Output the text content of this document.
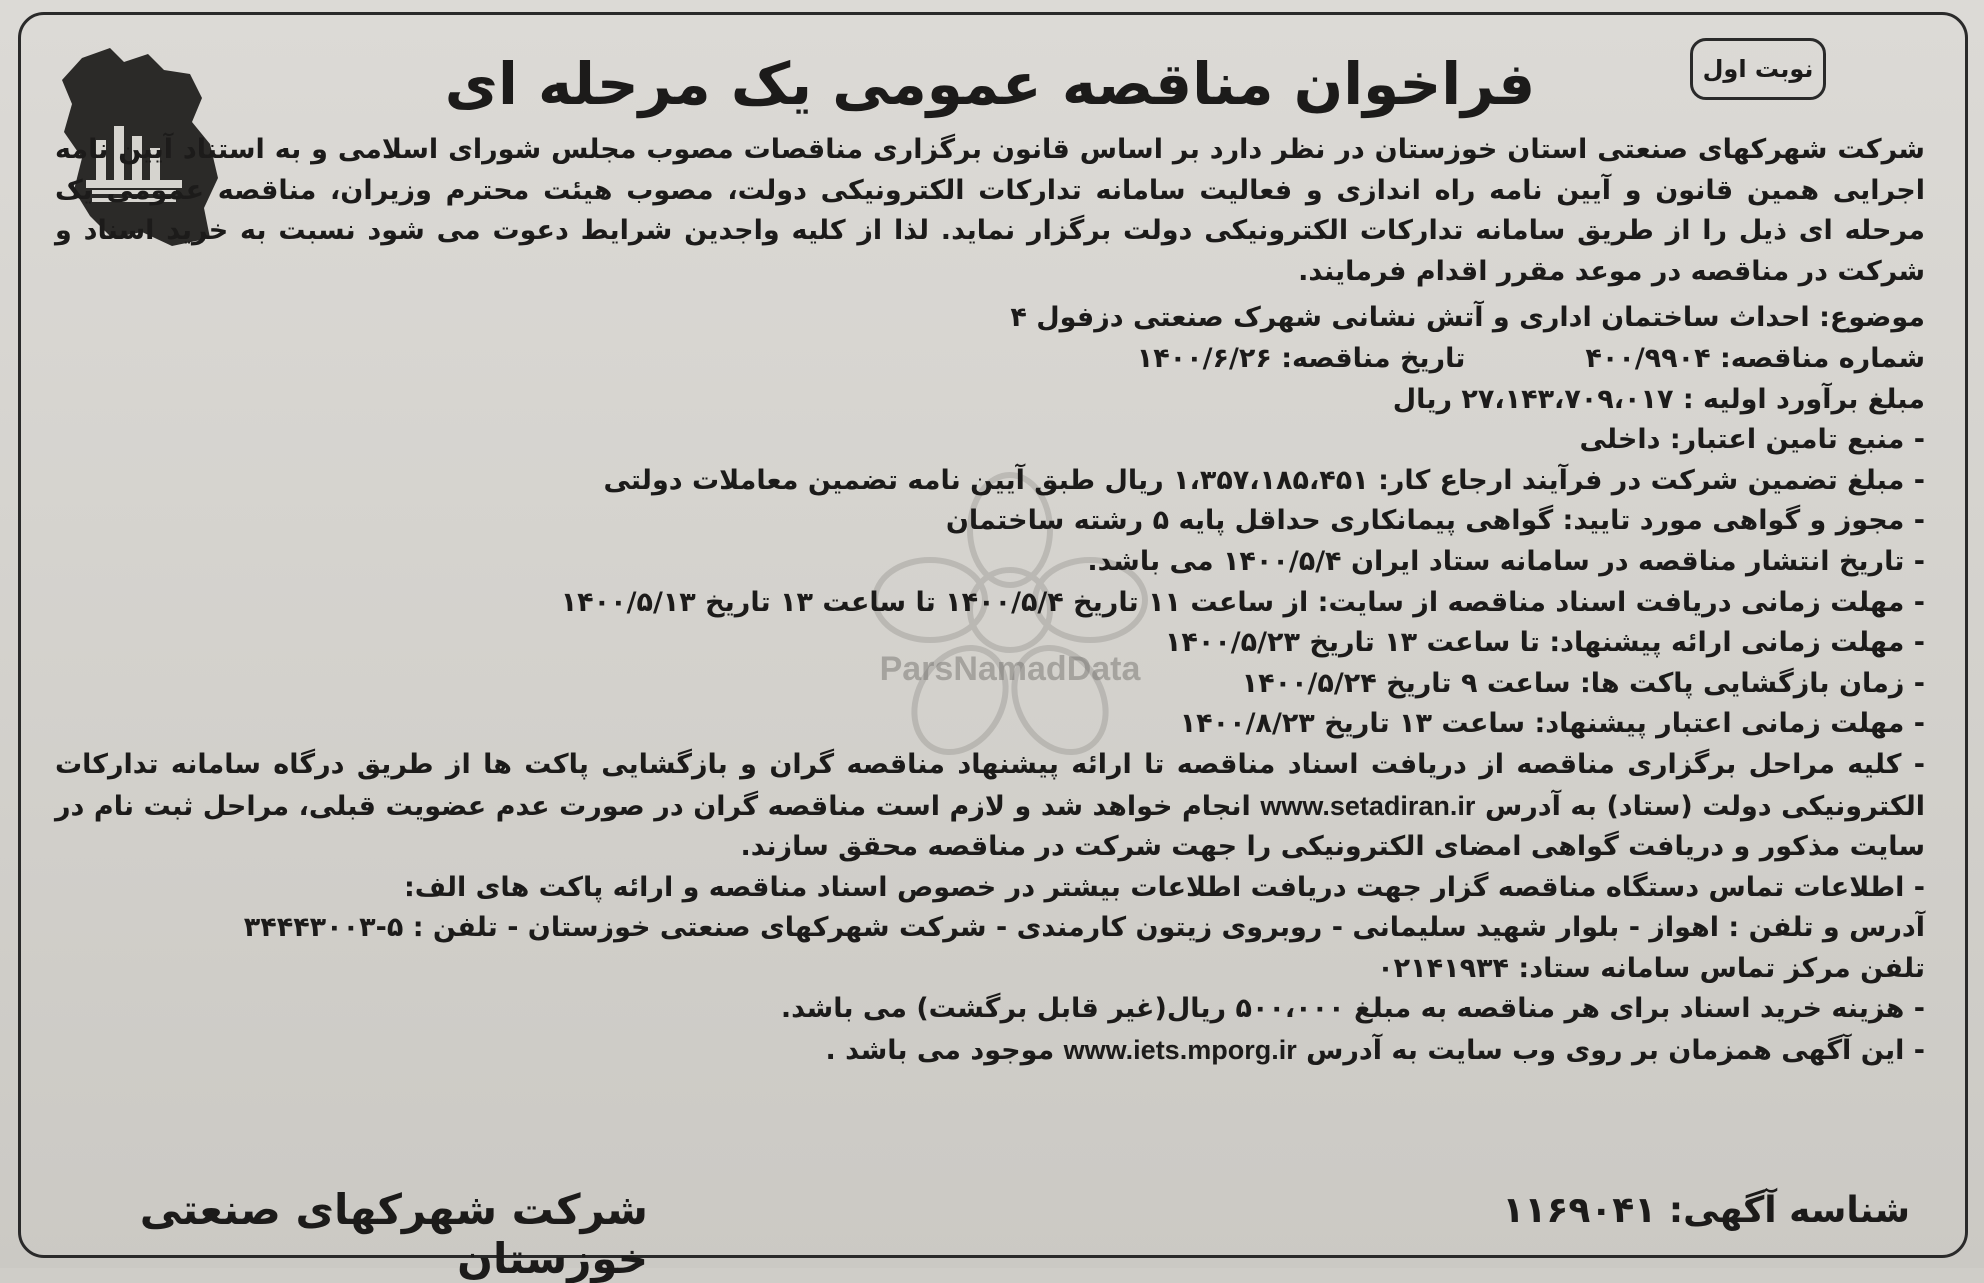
نوبت اول
فراخوان مناقصه عمومی یک مرحله ای
ParsNamadData
شرکت شهرکهای صنعتی استان خوزستان در نظر دارد بر اساس قانون برگزاری مناقصات مصوب مجلس شورای اسلامی و به استناد آیین نامه اجرایی همین قانون و آیین نامه راه اندازی و فعالیت سامانه تدارکات الکترونیکی دولت، مصوب هیئت محترم وزیران، مناقصه عمومی یک مرحله ای ذیل را از طریق سامانه تدارکات الکترونیکی دولت برگزار نماید. لذا از کلیه واجدین شرایط دعوت می شود نسبت به خرید اسناد و شرکت در مناقصه در موعد مقرر اقدام فرمایند.
موضوع: احداث ساختمان اداری و آتش نشانی شهرک صنعتی دزفول ۴
شماره مناقصه: ۴۰۰/۹۹۰۴تاریخ مناقصه: ۱۴۰۰/۶/۲۶
مبلغ برآورد اولیه : ۲۷،۱۴۳،۷۰۹،۰۱۷ ریال
- منبع تامین اعتبار: داخلی
- مبلغ تضمین شرکت در فرآیند ارجاع کار: ۱،۳۵۷،۱۸۵،۴۵۱ ریال طبق آیین نامه تضمین معاملات دولتی
- مجوز و گواهی مورد تایید: گواهی پیمانکاری حداقل پایه ۵ رشته ساختمان
- تاریخ انتشار مناقصه در سامانه ستاد ایران ۱۴۰۰/۵/۴ می باشد.
- مهلت زمانی دریافت اسناد مناقصه از سایت: از ساعت ۱۱ تاریخ ۱۴۰۰/۵/۴ تا ساعت ۱۳ تاریخ ۱۴۰۰/۵/۱۳
- مهلت زمانی ارائه پیشنهاد: تا ساعت ۱۳ تاریخ ۱۴۰۰/۵/۲۳
- زمان بازگشایی پاکت ها: ساعت ۹ تاریخ ۱۴۰۰/۵/۲۴
- مهلت زمانی اعتبار پیشنهاد: ساعت ۱۳ تاریخ ۱۴۰۰/۸/۲۳
- کلیه مراحل برگزاری مناقصه از دریافت اسناد مناقصه تا ارائه پیشنهاد مناقصه گران و بازگشایی پاکت ها از طریق درگاه سامانه تدارکات الکترونیکی دولت (ستاد) به آدرس www.setadiran.ir انجام خواهد شد و لازم است مناقصه گران در صورت عدم عضویت قبلی، مراحل ثبت نام در سایت مذکور و دریافت گواهی امضای الکترونیکی را جهت شرکت در مناقصه محقق سازند.
- اطلاعات تماس دستگاه مناقصه گزار جهت دریافت اطلاعات بیشتر در خصوص اسناد مناقصه و ارائه پاکت های الف:
آدرس و تلفن : اهواز - بلوار شهید سلیمانی - روبروی زیتون کارمندی - شرکت شهرکهای صنعتی خوزستان - تلفن : ۵-۳۴۴۴۳۰۰۳
تلفن مرکز تماس سامانه ستاد: ۰۲۱۴۱۹۳۴
- هزینه خرید اسناد برای هر مناقصه به مبلغ ۵۰۰،۰۰۰ ریال(غیر قابل برگشت) می باشد.
- این آگهی همزمان بر روی وب سایت به آدرس www.iets.mporg.ir موجود می باشد .
شرکت شهرکهای صنعتی خوزستان
شناسه آگهی: ۱۱۶۹۰۴۱
